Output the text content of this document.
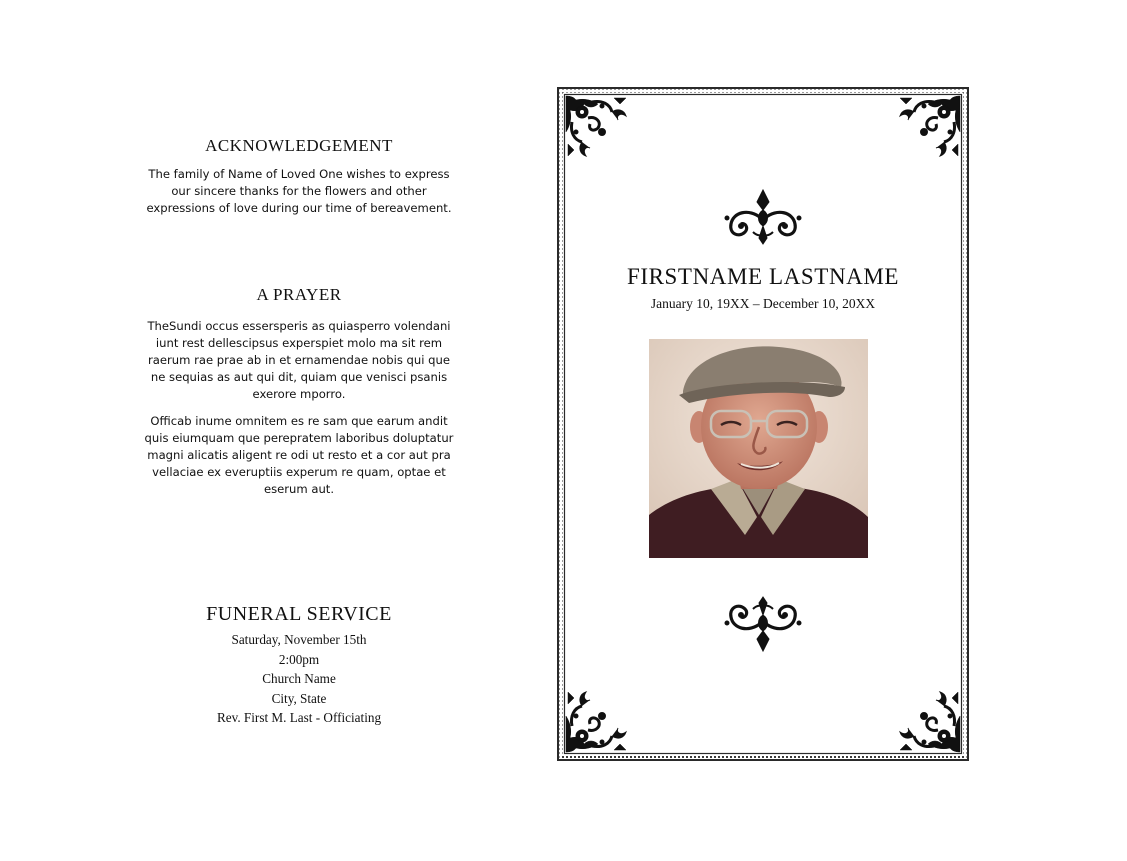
ACKNOWLEDGEMENT

The family of Name of Loved One wishes to express
our sincere thanks for the flowers and other
expressions of love during our time of bereavement.

A PRAYER

TheSundi occus essersperis as quiasperro volendani
iunt rest dellescipsus experspiet molo ma sit rem
raerum rae prae ab in et ernamendae nobis qui que
ne sequias as aut qui dit, quiam que venisci psanis
exerore mporro.

Officab inume omnitem es re sam que earum andit
quis eiumquam que perepratem laboribus doluptatur
magni alicatis aligent re odi ut resto et a cor aut pra
vellaciae ex everuptiis experum re quam, optae et
eserum aut.

FUNERAL SERVICE
Saturday, November 15th
2:00pm
Church Name
City, State
Rev. First M. Last - Officiating
FIRSTNAME LASTNAME
January 10, 19XX – December 10, 20XX
